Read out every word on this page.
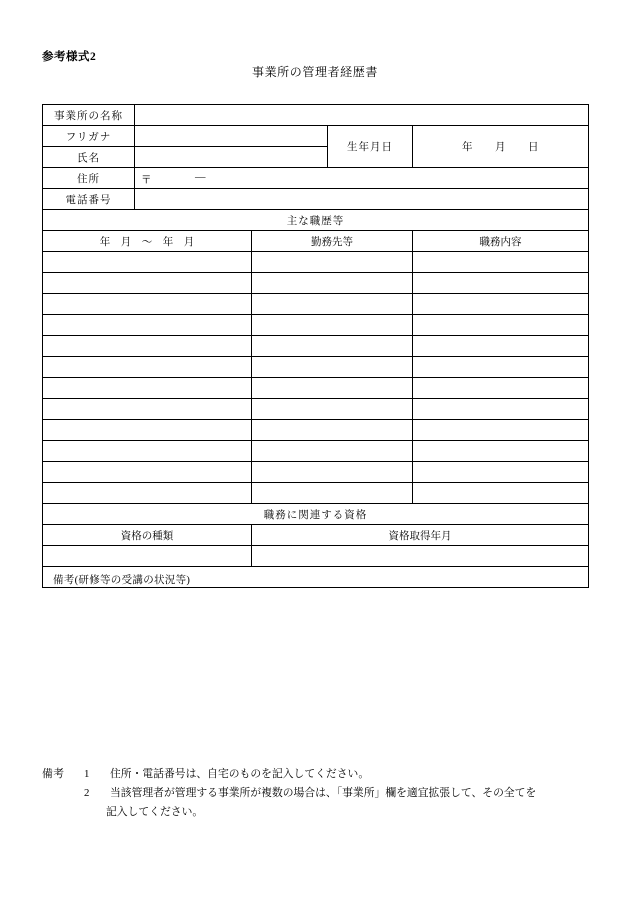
参考様式2
事業所の管理者経歴書
事業所の名称				
フリガナ			生年月日	年　　月　　日
氏名				
住所	〒 —			

電話番号				
主な職歴等				
年　月　～　年　月		勤務先等		職務内容

職務に関連する資格				
資格の種類		資格取得年月		

備考(研修等の受講の状況等)				
備考	1	住所・電話番号は、自宅のものを記入してください。
2	当該管理者が管理する事業所が複数の場合は、「事業所」欄を適宜拡張して、その全てを
記入してください。
